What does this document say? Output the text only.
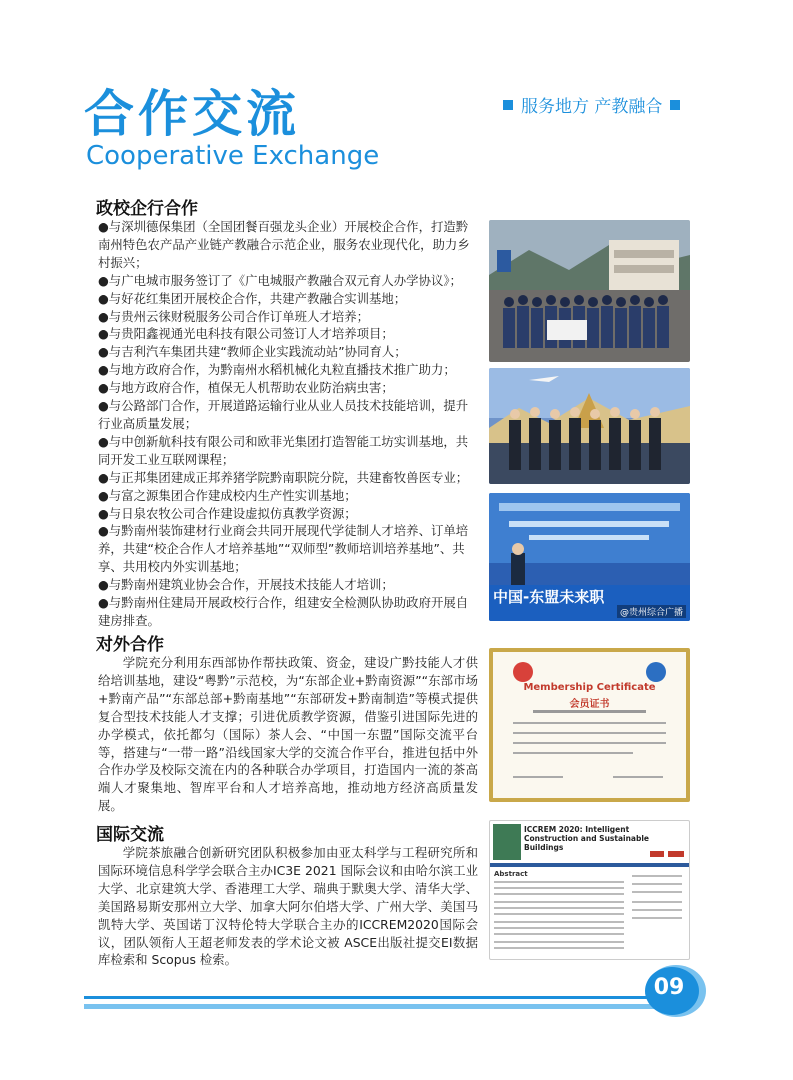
合作交流
Cooperative Exchange
服务地方 产教融合
政校企行合作

●与深圳德保集团（全国团餐百强龙头企业）开展校企合作，打造黔南州特色农产品产业链产教融合示范企业，服务农业现代化，助力乡村振兴；

●与广电城市服务签订了《广电城服产教融合双元育人办学协议》；

●与好花红集团开展校企合作，共建产教融合实训基地；

●与贵州云徕财税服务公司合作订单班人才培养；

●与贵阳鑫视通光电科技有限公司签订人才培养项目；

●与吉利汽车集团共建“教师企业实践流动站”协同育人；

●与地方政府合作，为黔南州水稻机械化丸粒直播技术推广助力；

●与地方政府合作，植保无人机帮助农业防治病虫害；

●与公路部门合作，开展道路运输行业从业人员技术技能培训，提升行业高质量发展；

●与中创新航科技有限公司和欧菲光集团打造智能工坊实训基地，共同开发工业互联网课程；

●与正邦集团建成正邦养猪学院黔南职院分院，共建畜牧兽医专业；

●与富之源集团合作建成校内生产性实训基地；

●与日泉农牧公司合作建设虚拟仿真教学资源；

●与黔南州装饰建材行业商会共同开展现代学徒制人才培养、订单培养，共建“校企合作人才培养基地”“双师型”教师培训培养基地”、共享、共用校内外实训基地；

●与黔南州建筑业协会合作，开展技术技能人才培训；

●与黔南州住建局开展政校行合作，组建安全检测队协助政府开展自建房排查。

对外合作
学院充分利用东西部协作帮扶政策、资金，建设广黔技能人才供给培训基地，建设“粤黔”示范校，为“东部企业+黔南资源”“东部市场+黔南产品”“东部总部+黔南基地”“东部研发+黔南制造”等模式提供复合型技术技能人才支撑；引进优质教学资源，借鉴引进国际先进的办学模式，依托都匀（国际）茶人会、“中国一东盟”国际交流平台等，搭建与“一带一路”沿线国家大学的交流合作平台，推进包括中外合作办学及校际交流在内的各种联合办学项目，打造国内一流的茶高端人才聚集地、智库平台和人才培养高地，推动地方经济高质量发展。
国际交流
学院茶旅融合创新研究团队积极参加由亚太科学与工程研究所和国际环境信息科学学会联合主办IC3E 2021 国际会议和由哈尔滨工业大学、北京建筑大学、香港理工大学、瑞典于默奥大学、清华大学、美国路易斯安那州立大学、加拿大阿尔伯塔大学、广州大学、美国马凯特大学、英国诺丁汉特伦特大学联合主办的ICCREM2020国际会议，团队领衔人王超老师发表的学术论文被 ASCE出版社提交EI数据库检索和 Scopus 检索。
中国-东盟未来职
@贵州综合广播
Membership Certificate
会员证书
ICCREM 2020: Intelligent Construction and Sustainable Buildings
Abstract
09
